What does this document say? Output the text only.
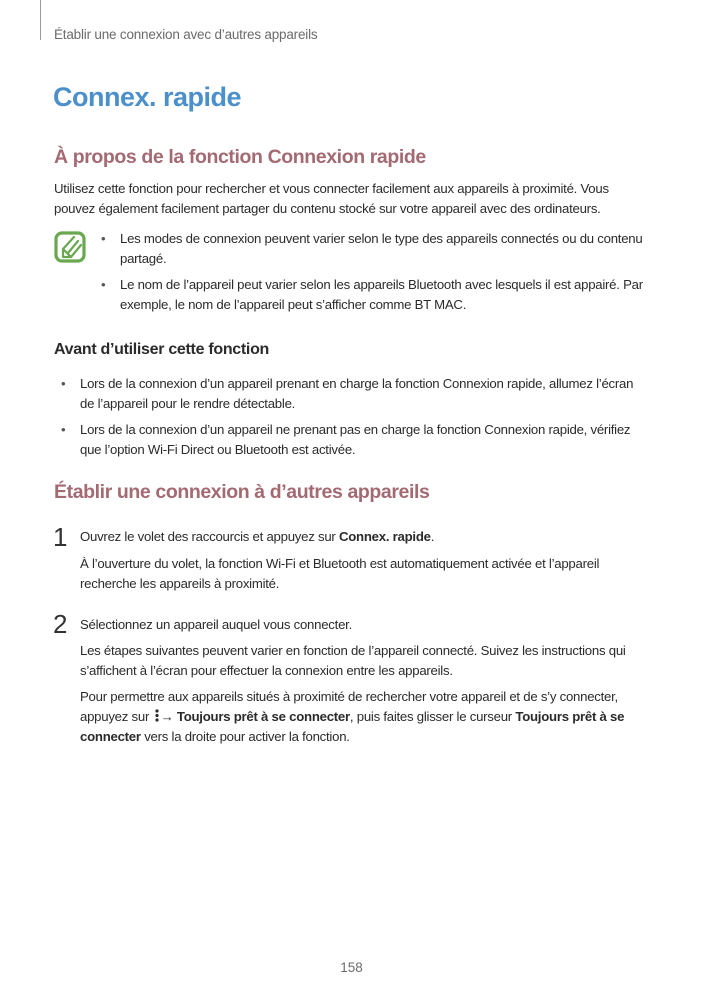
Établir une connexion avec d’autres appareils
Connex. rapide
À propos de la fonction Connexion rapide
Utilisez cette fonction pour rechercher et vous connecter facilement aux appareils à proximité. Vous
pouvez également facilement partager du contenu stocké sur votre appareil avec des ordinateurs.
• Les modes de connexion peuvent varier selon le type des appareils connectés ou du contenu partagé.
• Le nom de l’appareil peut varier selon les appareils Bluetooth avec lesquels il est appairé. Par exemple, le nom de l’appareil peut s’afficher comme BT MAC.
Avant d’utiliser cette fonction
• Lors de la connexion d’un appareil prenant en charge la fonction Connexion rapide, allumez l’écran de l’appareil pour le rendre détectable.
• Lors de la connexion d’un appareil ne prenant pas en charge la fonction Connexion rapide, vérifiez que l’option Wi-Fi Direct ou Bluetooth est activée.
Établir une connexion à d’autres appareils
1 Ouvrez le volet des raccourcis et appuyez sur Connex. rapide.
À l’ouverture du volet, la fonction Wi-Fi et Bluetooth est automatiquement activée et l’appareil recherche les appareils à proximité.
2 Sélectionnez un appareil auquel vous connecter.
Les étapes suivantes peuvent varier en fonction de l’appareil connecté. Suivez les instructions qui s’affichent à l’écran pour effectuer la connexion entre les appareils.
Pour permettre aux appareils situés à proximité de rechercher votre appareil et de s’y connecter, appuyez sur → Toujours prêt à se connecter, puis faites glisser le curseur Toujours prêt à se connecter vers la droite pour activer la fonction.
158
